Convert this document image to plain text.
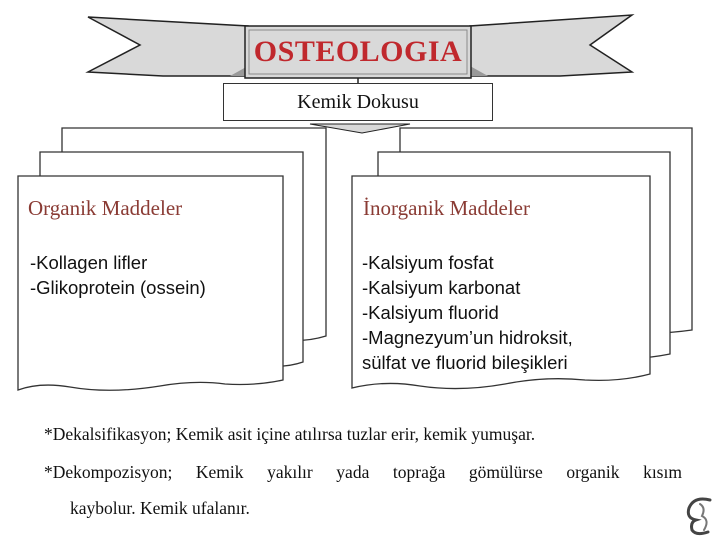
OSTEOLOGIA
Kemik Dokusu
Organik Maddeler
-Kollagen lifler
-Glikoprotein (ossein)
İnorganik Maddeler
-Kalsiyum fosfat
-Kalsiyum karbonat
-Kalsiyum fluorid
-Magnezyum’un hidroksit,
sülfat ve fluorid bileşikleri
*Dekalsifikasyon; Kemik asit içine atılırsa tuzlar erir, kemik yumuşar.
*Dekompozisyon; Kemik yakılır yada toprağa gömülürse organik kısım
kaybolur. Kemik ufalanır.
